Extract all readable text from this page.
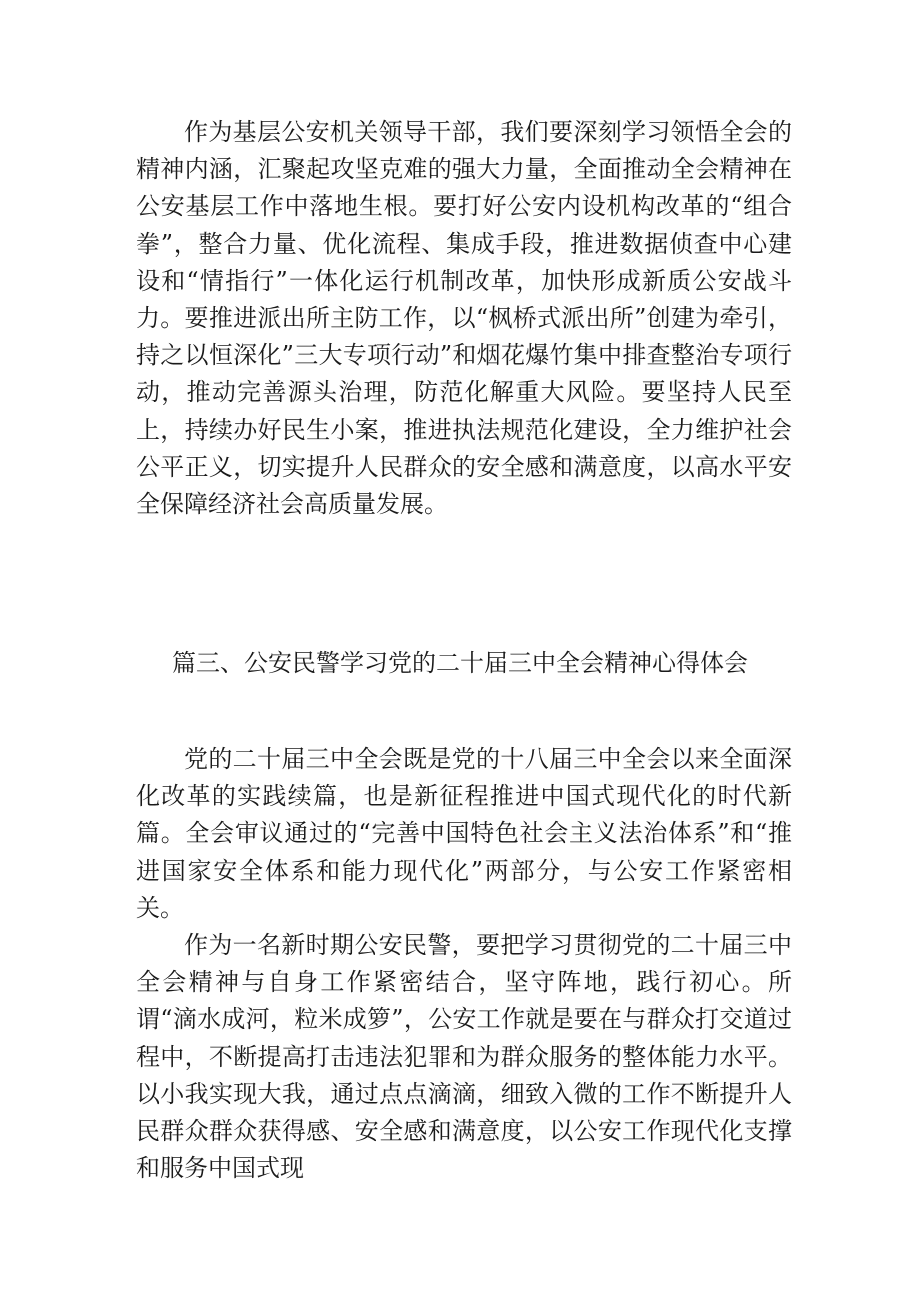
作为基层公安机关领导干部，我们要深刻学习领悟全会的精神内涵，汇聚起攻坚克难的强大力量，全面推动全会精神在公安基层工作中落地生根。要打好公安内设机构改革的“组合拳”，整合力量、优化流程、集成手段，推进数据侦查中心建设和“情指行”一体化运行机制改革，加快形成新质公安战斗力。要推进派出所主防工作，以“枫桥式派出所”创建为牵引，持之以恒深化”三大专项行动”和烟花爆竹集中排查整治专项行动，推动完善源头治理，防范化解重大风险。要坚持人民至上，持续办好民生小案，推进执法规范化建设，全力维护社会公平正义，切实提升人民群众的安全感和满意度，以高水平安全保障经济社会高质量发展。

篇三、公安民警学习党的二十届三中全会精神心得体会

党的二十届三中全会既是党的十八届三中全会以来全面深化改革的实践续篇，也是新征程推进中国式现代化的时代新篇。全会审议通过的“完善中国特色社会主义法治体系”和“推进国家安全体系和能力现代化”两部分，与公安工作紧密相关。

作为一名新时期公安民警，要把学习贯彻党的二十届三中全会精神与自身工作紧密结合，坚守阵地，践行初心。所谓“滴水成河，粒米成箩”，公安工作就是要在与群众打交道过程中，不断提高打击违法犯罪和为群众服务的整体能力水平。以小我实现大我，通过点点滴滴，细致入微的工作不断提升人民群众群众获得感、安全感和满意度，以公安工作现代化支撑和服务中国式现
